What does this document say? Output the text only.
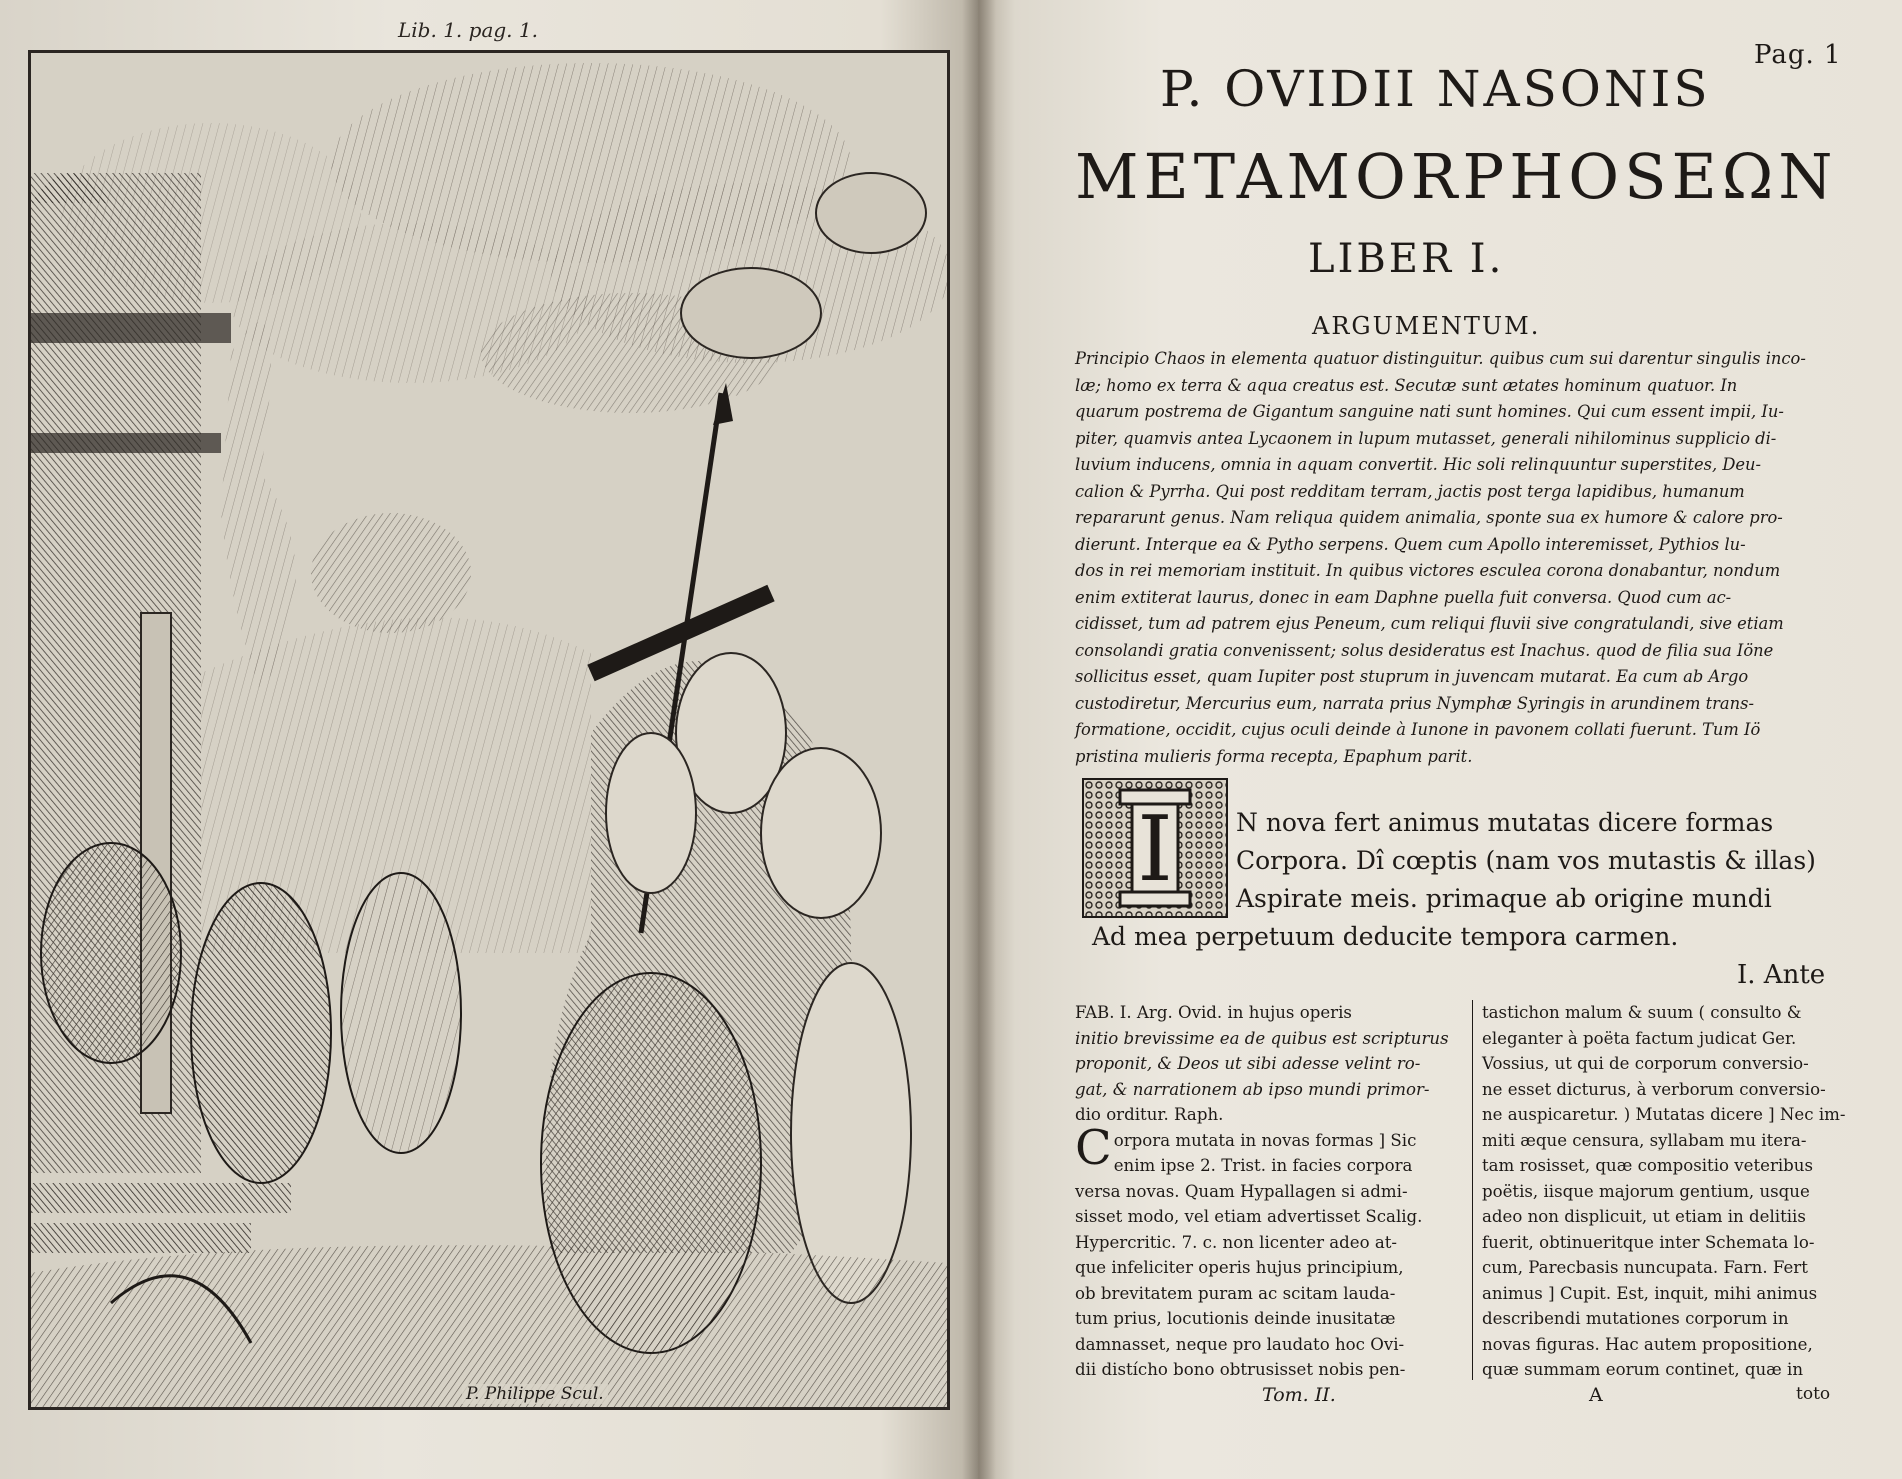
Lib. 1. pag. 1.
P. Philippe Scul.
Pag. 1
P. OVIDII NASONIS
METAMORPHOSEΩN
LIBER I.
ARGUMENTUM.
Principio Chaos in elementa quatuor distinguitur. quibus cum sui darentur singulis inco-
læ; homo ex terra & aqua creatus est. Secutæ sunt ætates hominum quatuor. In
quarum postrema de Gigantum sanguine nati sunt homines. Qui cum essent impii, Iu-
piter, quamvis antea Lycaonem in lupum mutasset, generali nihilominus supplicio di-
luvium inducens, omnia in aquam convertit. Hic soli relinquuntur superstites, Deu-
calion & Pyrrha. Qui post redditam terram, jactis post terga lapidibus, humanum
repararunt genus. Nam reliqua quidem animalia, sponte sua ex humore & calore pro-
dierunt. Interque ea & Pytho serpens. Quem cum Apollo interemisset, Pythios lu-
dos in rei memoriam instituit. In quibus victores esculea corona donabantur, nondum
enim extiterat laurus, donec in eam Daphne puella fuit conversa. Quod cum ac-
cidisset, tum ad patrem ejus Peneum, cum reliqui fluvii sive congratulandi, sive etiam
consolandi gratia convenissent; solus desideratus est Inachus. quod de filia sua Iöne
sollicitus esset, quam Iupiter post stuprum in juvencam mutarat. Ea cum ab Argo
custodiretur, Mercurius eum, narrata prius Nymphæ Syringis in arundinem trans-
formatione, occidit, cujus oculi deinde à Iunone in pavonem collati fuerunt. Tum Iö
pristina mulieris forma recepta, Epaphum parit.
I	N nova fert animus mutatas dicere formas
Corpora. Dî cœptis (nam vos mutastis & illas)
Aspirate meis. primaque ab origine mundi
Ad mea perpetuum deducite tempora carmen.
I. Ante
FAB. I. Arg. Ovid. in hujus operis
initio brevissime ea de quibus est scripturus
proponit, & Deos ut sibi adesse velint ro-
gat, & narrationem ab ipso mundi primor-
dio orditur. Raph.
Corpora mutata in novas formas ] Sic
enim ipse 2. Trist. in facies corpora
versa novas. Quam Hypallagen si admi-
sisset modo, vel etiam advertisset Scalig.
Hypercritic. 7. c. non licenter adeo at-
que infeliciter operis hujus principium,
ob brevitatem puram ac scitam lauda-
tum prius, locutionis deinde inusitatæ
damnasset, neque pro laudato hoc Ovi-
dii distícho bono obtrusisset nobis pen-
tastichon malum & suum ( consulto &
eleganter à poëta factum judicat Ger.
Vossius, ut qui de corporum conversio-
ne esset dicturus, à verborum conversio-
ne auspicaretur. ) Mutatas dicere ] Nec im-
miti æque censura, syllabam mu itera-
tam rosisset, quæ compositio veteribus
poëtis, iisque majorum gentium, usque
adeo non displicuit, ut etiam in delitiis
fuerit, obtinueritque inter Schemata lo-
cum, Parecbasis nuncupata. Farn. Fert
animus ] Cupit. Est, inquit, mihi animus
describendi mutationes corporum in
novas figuras. Hac autem propositione,
quæ summam eorum continet, quæ in
Tom. II.	A	toto
